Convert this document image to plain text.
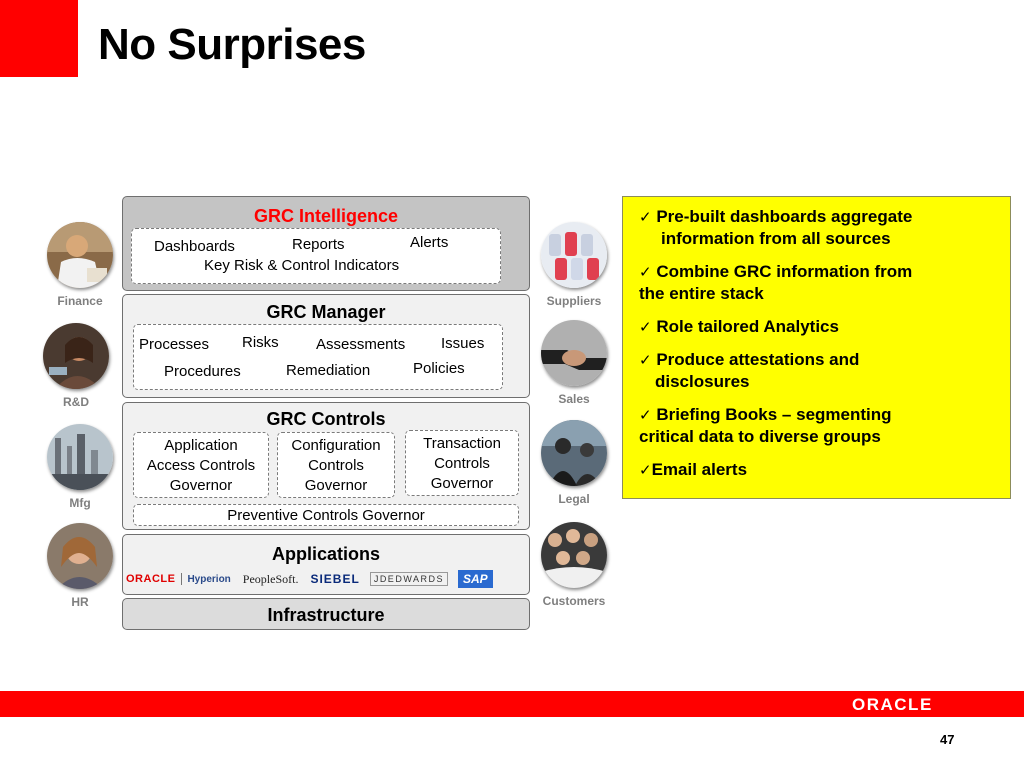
No Surprises
Finance
R&D
Mfg
HR
Suppliers
Sales
Legal
Customers
GRC Intelligence
Dashboards	Reports	Alerts
Key Risk & Control Indicators
GRC Manager
Processes Risks Assessments Issues
Procedures	Remediation	Policies
GRC Controls
Application
Access Controls
Governor
Configuration
Controls
Governor
Transaction
Controls
Governor
Preventive Controls Governor
Applications
ORACLE Hyperion PeopleSoft. SIEBEL	JDEDWARDS	SAP
Infrastructure
✓ Pre-built dashboards aggregate
information from all sources
✓ Combine GRC information from
the entire stack
✓ Role tailored Analytics
✓ Produce attestations and
disclosures
✓ Briefing Books – segmenting
critical data to diverse groups
✓Email alerts
ORACLE
47
